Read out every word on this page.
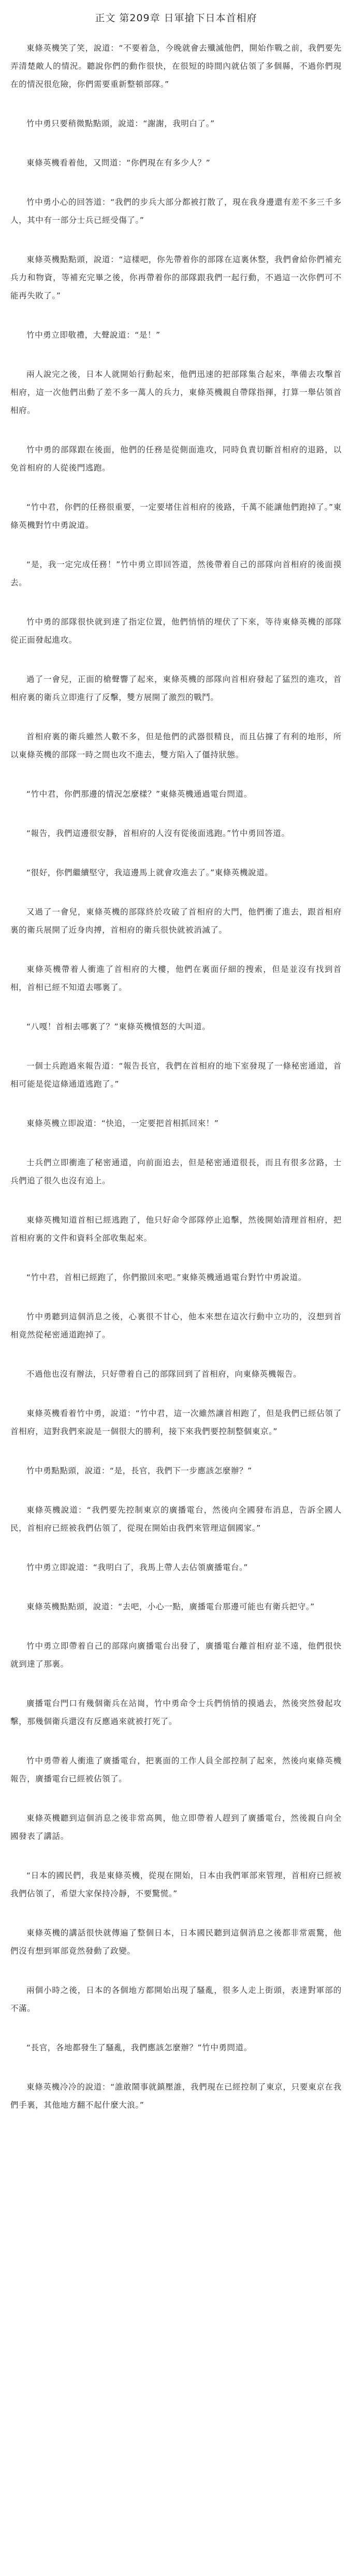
正文 第209章 日軍搶下日本首相府

東條英機笑了笑，說道：“不要着急，今晚就會去殲滅他們，開始作戰之前，我們要先弄清楚敵人的情況。聽說你們的動作很快，在很短的時間內就佔領了多個縣，不過你們現在的情況很危險，你們需要重新整頓部隊。”

竹中勇只要稍微點點頭，說道：“謝謝，我明白了。”

東條英機看着他，又問道：“你們現在有多少人？”

竹中勇小心的回答道：“我們的步兵大部分都被打散了，現在我身邊還有差不多三千多人，其中有一部分士兵已經受傷了。”

東條英機點點頭，說道：“這樣吧，你先帶着你的部隊在這裏休整，我們會給你們補充兵力和物資，等補充完畢之後，你再帶着你的部隊跟我們一起行動，不過這一次你們可不能再失敗了。”

竹中勇立即敬禮，大聲說道：“是！”

兩人說完之後，日本人就開始行動起來，他們迅速的把部隊集合起來，準備去攻擊首相府，這一次他們出動了差不多一萬人的兵力，東條英機親自帶隊指揮，打算一舉佔領首相府。

竹中勇的部隊跟在後面，他們的任務是從側面進攻，同時負責切斷首相府的退路，以免首相府的人從後門逃跑。

“竹中君，你們的任務很重要，一定要堵住首相府的後路，千萬不能讓他們跑掉了。”東條英機對竹中勇說道。

“是，我一定完成任務！”竹中勇立即回答道，然後帶着自己的部隊向首相府的後面摸去。

竹中勇的部隊很快就到達了指定位置，他們悄悄的埋伏了下來，等待東條英機的部隊從正面發起進攻。

過了一會兒，正面的槍聲響了起來，東條英機的部隊向首相府發起了猛烈的進攻，首相府裏的衛兵立即進行了反擊，雙方展開了激烈的戰鬥。

首相府裏的衛兵雖然人數不多，但是他們的武器很精良，而且佔據了有利的地形，所以東條英機的部隊一時之間也攻不進去，雙方陷入了僵持狀態。

“竹中君，你們那邊的情況怎麼樣？”東條英機通過電台問道。

“報告，我們這邊很安靜，首相府的人沒有從後面逃跑。”竹中勇回答道。

“很好，你們繼續堅守，我這邊馬上就會攻進去了。”東條英機說道。

又過了一會兒，東條英機的部隊終於攻破了首相府的大門，他們衝了進去，跟首相府裏的衛兵展開了近身肉搏，首相府的衛兵很快就被消滅了。

東條英機帶着人衝進了首相府的大樓，他們在裏面仔細的搜索，但是並沒有找到首相，首相已經不知道去哪裏了。

“八嘎！首相去哪裏了？”東條英機憤怒的大叫道。

一個士兵跑過來報告道：“報告長官，我們在首相府的地下室發現了一條秘密通道，首相可能是從這條通道逃跑了。”

東條英機立即說道：“快追，一定要把首相抓回來！”

士兵們立即衝進了秘密通道，向前面追去，但是秘密通道很長，而且有很多岔路，士兵們追了很久也沒有追上。

東條英機知道首相已經逃跑了，他只好命令部隊停止追擊，然後開始清理首相府，把首相府裏的文件和資料全部收集起來。

“竹中君，首相已經跑了，你們撤回來吧。”東條英機通過電台對竹中勇說道。

竹中勇聽到這個消息之後，心裏很不甘心，他本來想在這次行動中立功的，沒想到首相竟然從秘密通道跑掉了。

不過他也沒有辦法，只好帶着自己的部隊回到了首相府，向東條英機報告。

東條英機看着竹中勇，說道：“竹中君，這一次雖然讓首相跑了，但是我們已經佔領了首相府，這對我們來說是一個很大的勝利，接下來我們要控制整個東京。”

竹中勇點點頭，說道：“是，長官，我們下一步應該怎麼辦？”

東條英機說道：“我們要先控制東京的廣播電台，然後向全國發布消息，告訴全國人民，首相府已經被我們佔領了，從現在開始由我們來管理這個國家。”

竹中勇立即說道：“我明白了，我馬上帶人去佔領廣播電台。”

東條英機點點頭，說道：“去吧，小心一點，廣播電台那邊可能也有衛兵把守。”

竹中勇立即帶着自己的部隊向廣播電台出發了，廣播電台離首相府並不遠，他們很快就到達了那裏。

廣播電台門口有幾個衛兵在站崗，竹中勇命令士兵們悄悄的摸過去，然後突然發起攻擊，那幾個衛兵還沒有反應過來就被打死了。

竹中勇帶着人衝進了廣播電台，把裏面的工作人員全部控制了起來，然後向東條英機報告，廣播電台已經被佔領了。

東條英機聽到這個消息之後非常高興，他立即帶着人趕到了廣播電台，然後親自向全國發表了講話。

“日本的國民們，我是東條英機，從現在開始，日本由我們軍部來管理，首相府已經被我們佔領了，希望大家保持冷靜，不要驚慌。”

東條英機的講話很快就傳遍了整個日本，日本國民聽到這個消息之後都非常震驚，他們沒有想到軍部竟然發動了政變。

兩個小時之後，日本的各個地方都開始出現了騷亂，很多人走上街頭，表達對軍部的不滿。

“長官，各地都發生了騷亂，我們應該怎麼辦？”竹中勇問道。

東條英機冷冷的說道：“誰敢鬧事就鎮壓誰，我們現在已經控制了東京，只要東京在我們手裏，其他地方翻不起什麼大浪。”
